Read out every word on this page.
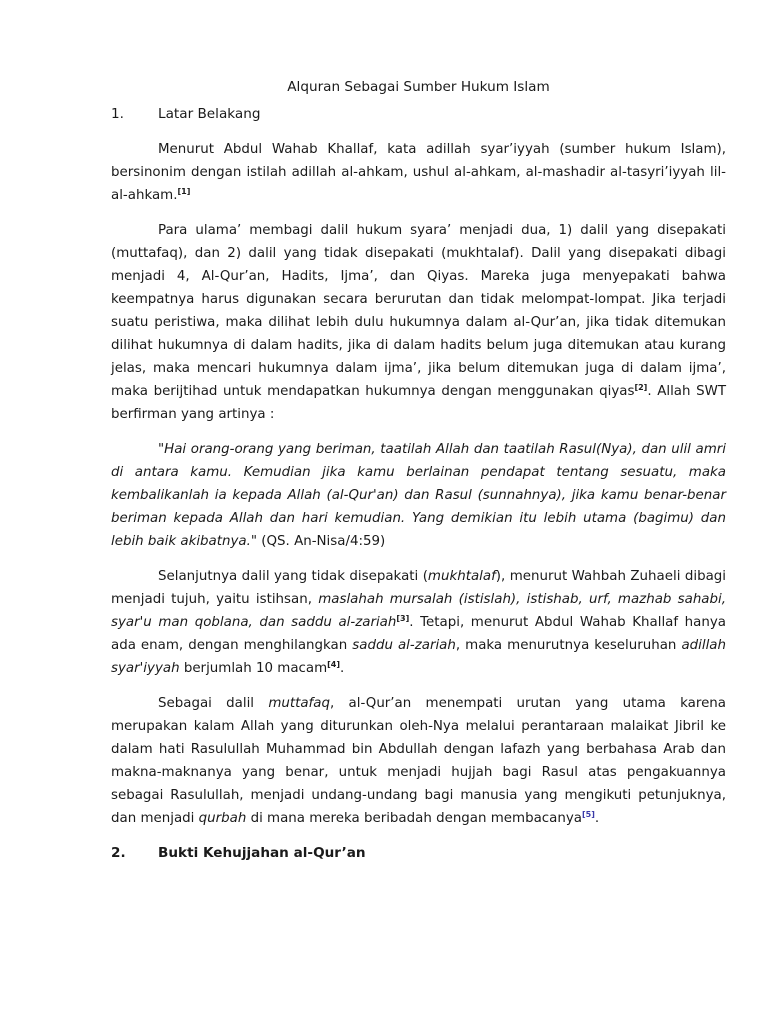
Alquran Sebagai Sumber Hukum Islam
1.	Latar Belakang

Menurut Abdul Wahab Khallaf, kata adillah syar’iyyah (sumber hukum Islam), bersinonim dengan istilah adillah al-ahkam, ushul al-ahkam, al-mashadir al-tasyri’iyyah lil-al-ahkam.[1]

Para ulama’ membagi dalil hukum syara’ menjadi dua, 1) dalil yang disepakati (muttafaq), dan 2) dalil yang tidak disepakati (mukhtalaf). Dalil yang disepakati dibagi menjadi 4, Al-Qur’an, Hadits, Ijma’, dan Qiyas. Mareka juga menyepakati bahwa keempatnya harus digunakan secara berurutan dan tidak melompat-lompat. Jika terjadi suatu peristiwa, maka dilihat lebih dulu hukumnya dalam al-Qur’an, jika tidak ditemukan dilihat hukumnya di dalam hadits, jika di dalam hadits belum juga ditemukan atau kurang jelas, maka mencari hukumnya dalam ijma’, jika belum ditemukan juga di dalam ijma’, maka berijtihad untuk mendapatkan hukumnya dengan menggunakan qiyas[2]. Allah SWT berfirman yang artinya :

"Hai orang-orang yang beriman, taatilah Allah dan taatilah Rasul(Nya), dan ulil amri di antara kamu. Kemudian jika kamu berlainan pendapat tentang sesuatu, maka kembalikanlah ia kepada Allah (al-Qur'an) dan Rasul (sunnahnya), jika kamu benar-benar beriman kepada Allah dan hari kemudian. Yang demikian itu lebih utama (bagimu) dan lebih baik akibatnya." (QS. An-Nisa/4:59)

Selanjutnya dalil yang tidak disepakati (mukhtalaf), menurut Wahbah Zuhaeli dibagi menjadi tujuh, yaitu istihsan, maslahah mursalah (istislah), istishab, urf, mazhab sahabi, syar'u man qoblana, dan saddu al-zariah[3]. Tetapi, menurut Abdul Wahab Khallaf hanya ada enam, dengan menghilangkan saddu al-zariah, maka menurutnya keseluruhan adillah syar'iyyah berjumlah 10 macam[4].

Sebagai dalil muttafaq, al-Qur’an menempati urutan yang utama karena merupakan kalam Allah yang diturunkan oleh-Nya melalui perantaraan malaikat Jibril ke dalam hati Rasulullah Muhammad bin Abdullah dengan lafazh yang berbahasa Arab dan makna-maknanya yang benar, untuk menjadi hujjah bagi Rasul atas pengakuannya sebagai Rasulullah, menjadi undang-undang bagi manusia yang mengikuti petunjuknya, dan menjadi qurbah di mana mereka beribadah dengan membacanya[5].

2.	Bukti Kehujjahan al-Qur’an
